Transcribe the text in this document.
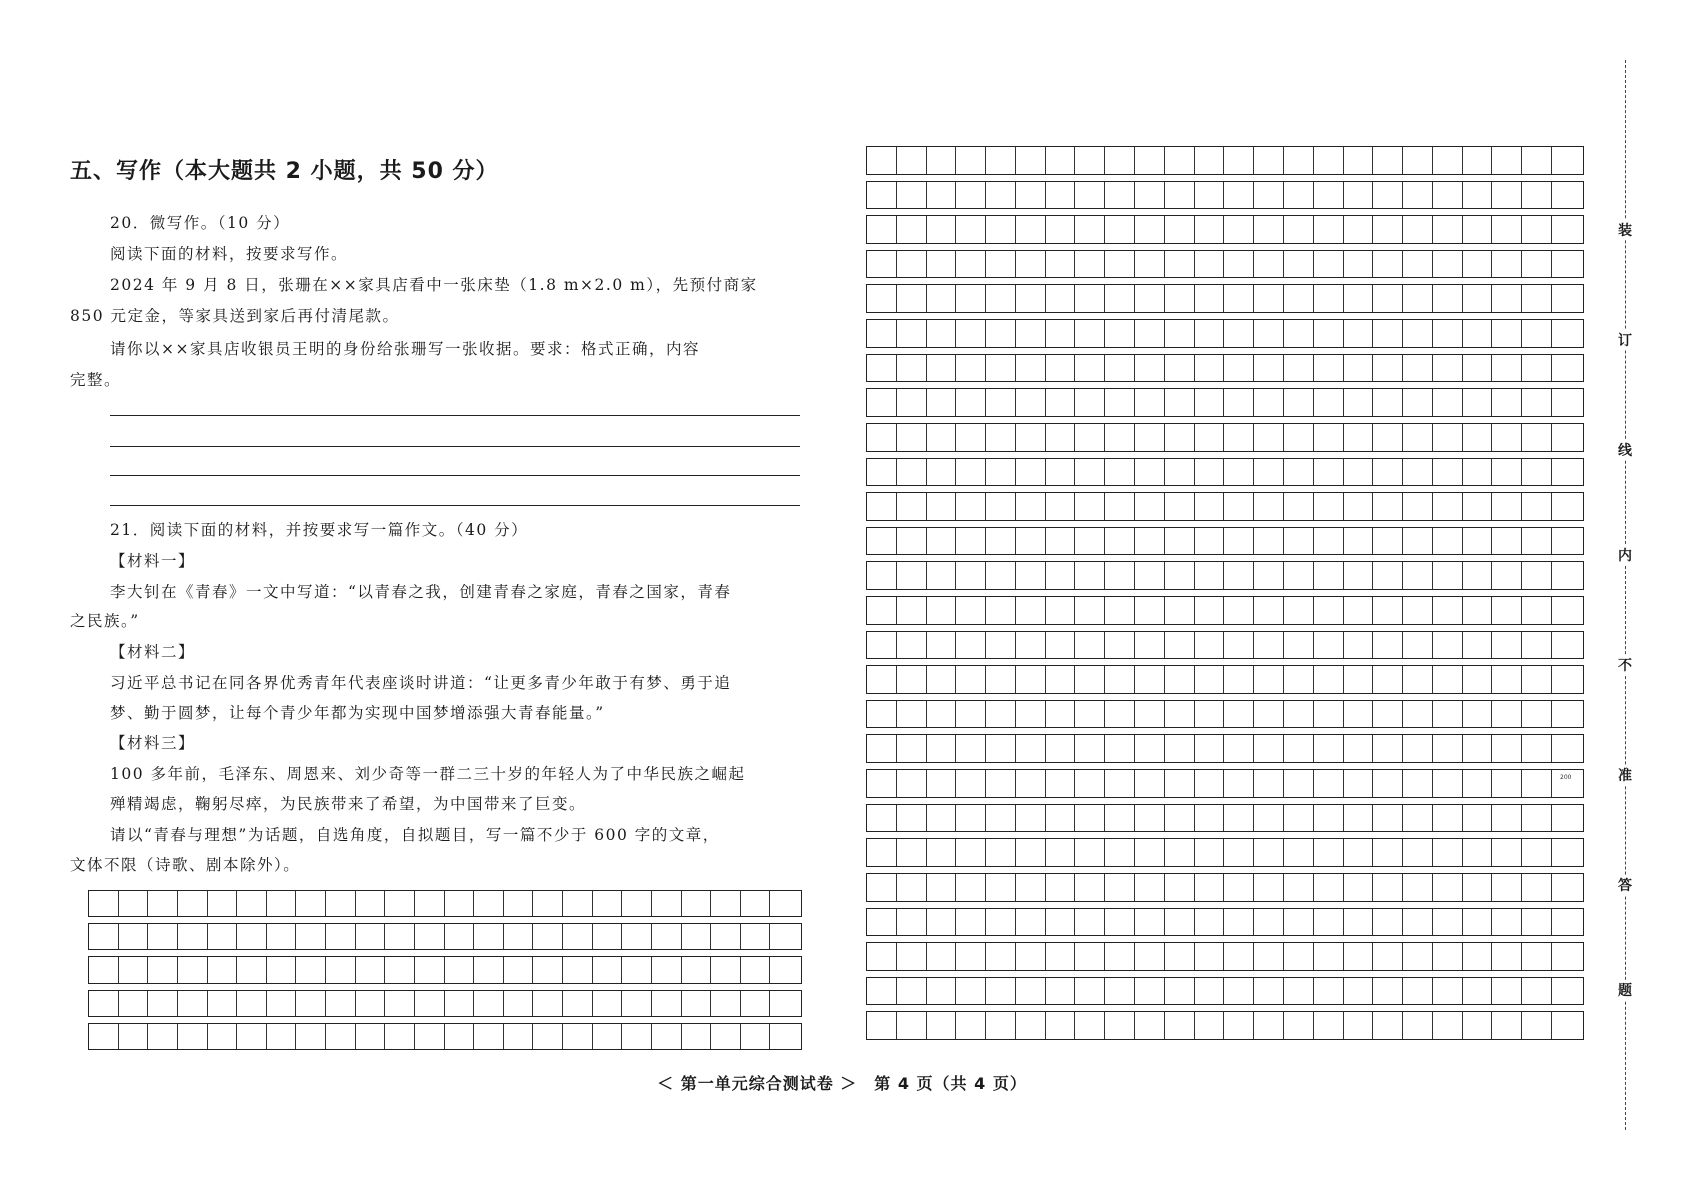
五、写作（本大题共 2 小题，共 50 分）

20．微写作。（10 分）

阅读下面的材料，按要求写作。

2024 年 9 月 8 日，张珊在××家具店看中一张床垫（1.8 m×2.0 m），先预付商家

850 元定金，等家具送到家后再付清尾款。

请你以××家具店收银员王明的身份给张珊写一张收据。要求：格式正确，内容

完整。

21．阅读下面的材料，并按要求写一篇作文。（40 分）

【材料一】

李大钊在《青春》一文中写道：“以青春之我，创建青春之家庭，青春之国家，青春

之民族。”

【材料二】

习近平总书记在同各界优秀青年代表座谈时讲道：“让更多青少年敢于有梦、勇于追

梦、勤于圆梦，让每个青少年都为实现中国梦增添强大青春能量。”

【材料三】

100 多年前，毛泽东、周恩来、刘少奇等一群二三十岁的年轻人为了中华民族之崛起

殚精竭虑，鞠躬尽瘁，为民族带来了希望，为中国带来了巨变。

请以“青春与理想”为话题，自选角度，自拟题目，写一篇不少于 600 字的文章，

文体不限（诗歌、剧本除外）。

200
＜ 第一单元综合测试卷 ＞　第 4 页（共 4 页）
装
订
线
内
不
准
答
题
